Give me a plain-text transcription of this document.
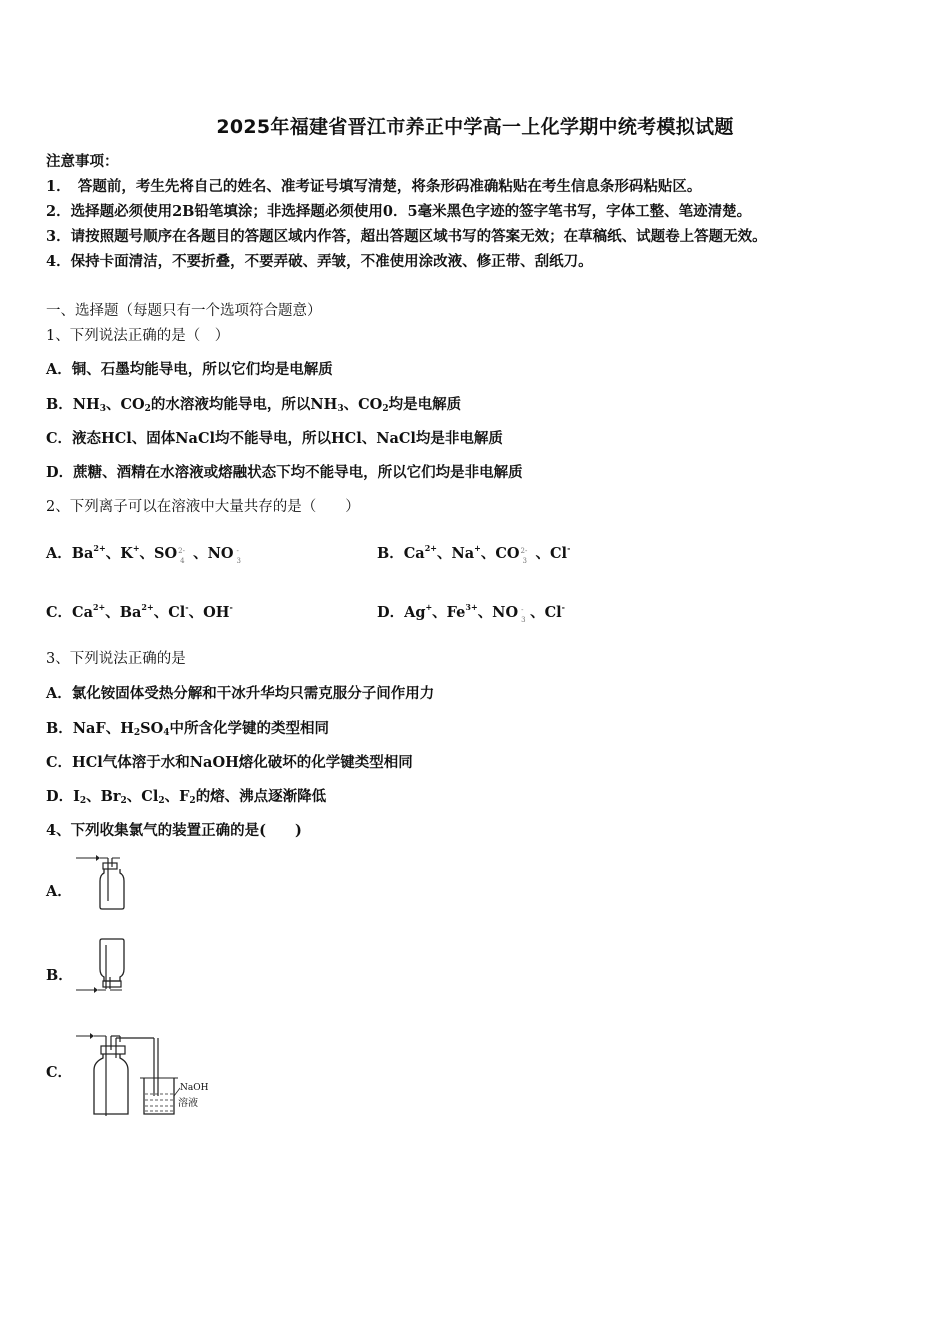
2025年福建省晋江市养正中学高一上化学期中统考模拟试题
注意事项：
1．　答题前，考生先将自己的姓名、准考证号填写清楚，将条形码准确粘贴在考生信息条形码粘贴区。
2．选择题必须使用2B铅笔填涂；非选择题必须使用0．5毫米黑色字迹的签字笔书写，字体工整、笔迹清楚。
3．请按照题号顺序在各题目的答题区域内作答，超出答题区域书写的答案无效；在草稿纸、试题卷上答题无效。
4．保持卡面清洁，不要折叠，不要弄破、弄皱，不准使用涂改液、修正带、刮纸刀。
一、选择题（每题只有一个选项符合题意）
1、下列说法正确的是（　）
A．铜、石墨均能导电，所以它们均是电解质
B．$NH_3$、$CO_2$的水溶液均能导电，所以$NH_3$、$CO_2$均是电解质
C．液态HCl、固体NaCl均不能导电，所以HCl、NaCl均是非电解质
D．蔗糖、酒精在水溶液或熔融状态下均不能导电，所以它们均是非电解质
2、下列离子可以在溶液中大量共存的是（　　）
A．$Ba^{2+}$、K+、SO 2-
4 、NO -
3	B．$Ca^{2+}$、Na+、CO 2-
3 、Cl-
C．$Ca^{2+}$、$Ba^{2+}$、Cl-、OH-	D．Ag+、$Fe^{3+}$、NO -
3 、Cl-
3、下列说法正确的是
A．氯化铵固体受热分解和干冰升华均只需克服分子间作用力
B．NaF、$H_2SO_4$中所含化学键的类型相同
C．HCl气体溶于水和NaOH熔化破坏的化学键类型相同
D．$I_2$、$Br_2$、$Cl_2$、$F_2$的熔、沸点逐渐降低
4、下列收集氯气的装置正确的是(　　)
A．
B．
C．
NaOH
溶液
